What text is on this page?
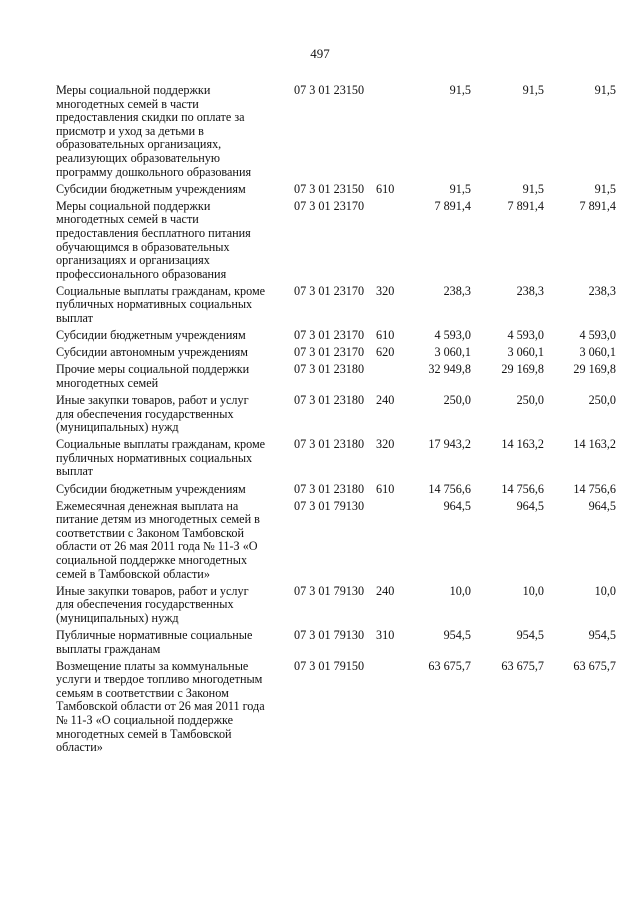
497
Меры социальной поддержки
многодетных семей в части
предоставления скидки по оплате за
присмотр и уход за детьми в
образовательных организациях,
реализующих образовательную
программу дошкольного образования
07 3 01 23150	91,5	91,5	91,5
Субсидии бюджетным учреждениям	07 3 01 23150 610	91,5	91,5	91,5
Меры социальной поддержки
многодетных семей в части
предоставления бесплатного питания
обучающимся в образовательных
организациях и организациях
профессионального образования
07 3 01 23170	7 891,4	7 891,4	7 891,4
Социальные выплаты гражданам, кроме
публичных нормативных социальных
выплат
07 3 01 23170 320	238,3	238,3	238,3
Субсидии бюджетным учреждениям	07 3 01 23170 610	4 593,0	4 593,0	4 593,0
Субсидии автономным учреждениям	07 3 01 23170 620	3 060,1	3 060,1	3 060,1
Прочие меры социальной поддержки
многодетных семей
07 3 01 23180	32 949,8	29 169,8	29 169,8
Иные закупки товаров, работ и услуг
для обеспечения государственных
(муниципальных) нужд
07 3 01 23180 240	250,0	250,0	250,0
Социальные выплаты гражданам, кроме
публичных нормативных социальных
выплат
07 3 01 23180 320	17 943,2	14 163,2	14 163,2
Субсидии бюджетным учреждениям	07 3 01 23180 610	14 756,6	14 756,6	14 756,6
Ежемесячная денежная выплата на
питание детям из многодетных семей в
соответствии с Законом Тамбовской
области от 26 мая 2011 года № 11-З «О
социальной поддержке многодетных
семей в Тамбовской области»
07 3 01 79130	964,5	964,5	964,5
Иные закупки товаров, работ и услуг
для обеспечения государственных
(муниципальных) нужд
07 3 01 79130 240	10,0	10,0	10,0
Публичные нормативные социальные
выплаты гражданам
07 3 01 79130 310	954,5	954,5	954,5
Возмещение платы за коммунальные
услуги и твердое топливо многодетным
семьям в соответствии с Законом
Тамбовской области от 26 мая 2011 года
№ 11-З «О социальной поддержке
многодетных семей в Тамбовской
области»
07 3 01 79150	63 675,7	63 675,7	63 675,7
